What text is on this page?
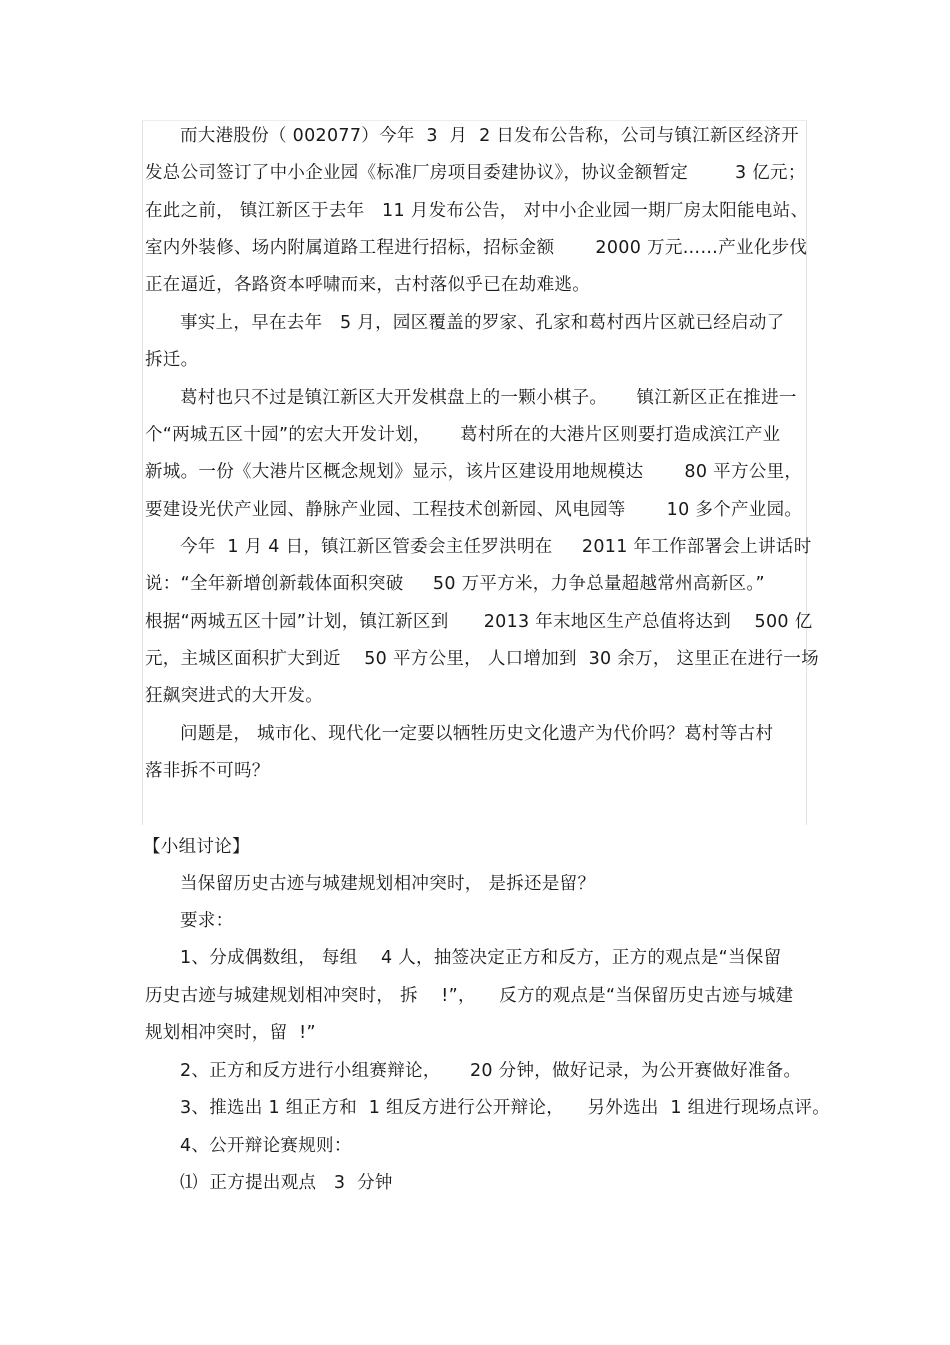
而大港股份（ 002077）今年  3  月  2 日发布公告称，公司与镇江新区经济开
发总公司签订了中小企业园《标准厂房项目委建协议》，协议金额暂定        3 亿元；
在此之前， 镇江新区于去年   11 月发布公告， 对中小企业园一期厂房太阳能电站、
室内外装修、场内附属道路工程进行招标，招标金额       2000 万元……产业化步伐
正在逼近，各路资本呼啸而来，古村落似乎已在劫难逃。
事实上，早在去年   5 月，园区覆盖的罗家、孔家和葛村西片区就已经启动了
拆迁。
葛村也只不过是镇江新区大开发棋盘上的一颗小棋子。     镇江新区正在推进一
个“两城五区十园”的宏大开发计划，     葛村所在的大港片区则要打造成滨江产业
新城。一份《大港片区概念规划》显示，该片区建设用地规模达       80 平方公里，
要建设光伏产业园、静脉产业园、工程技术创新园、风电园等       10 多个产业园。
今年  1 月 4 日，镇江新区管委会主任罗洪明在     2011 年工作部署会上讲话时
说：“全年新增创新载体面积突破     50 万平方米，力争总量超越常州高新区。”
根据“两城五区十园”计划，镇江新区到      2013 年末地区生产总值将达到    500 亿
元，主城区面积扩大到近    50 平方公里， 人口增加到  30 余万， 这里正在进行一场
狂飙突进式的大开发。
问题是， 城市化、现代化一定要以牺牲历史文化遗产为代价吗？葛村等古村
落非拆不可吗？
【小组讨论】
当保留历史古迹与城建规划相冲突时， 是拆还是留？
要求：
1、分成偶数组， 每组    4 人，抽签决定正方和反方，正方的观点是“当保留
历史古迹与城建规划相冲突时， 拆    !”，    反方的观点是“当保留历史古迹与城建
规划相冲突时，留  !”
2、正方和反方进行小组赛辩论，     20 分钟，做好记录，为公开赛做好准备。
3、推选出 1 组正方和  1 组反方进行公开辩论，    另外选出  1 组进行现场点评。
4、公开辩论赛规则：
⑴  正方提出观点   3  分钟
